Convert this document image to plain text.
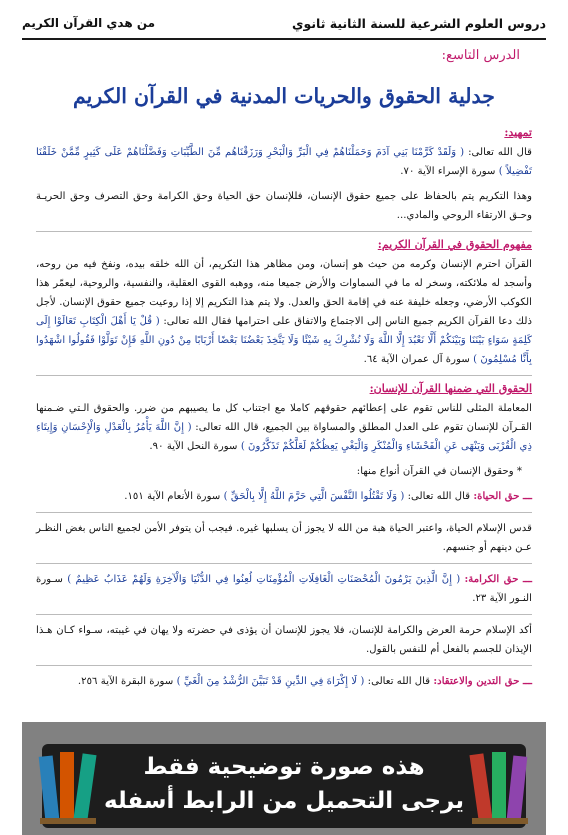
دروس العلوم الشرعية للسنة الثانية ثانوي
من هدي القرآن الكريم
الدرس التاسع:
جدلية الحقوق والحريات المدنية في القرآن الكريم
تمهيد:

قال الله تعالى: ( وَلَقَدْ كَرَّمْنَا بَنِي آدَمَ وَحَمَلْنَاهُمْ فِي الْبَرِّ وَالْبَحْرِ وَرَزَقْنَاهُم مِّنَ الطَّيِّبَاتِ وَفَضَّلْنَاهُمْ عَلَى كَثِيرٍ مِّمَّنْ خَلَقْنَا تَفْضِيلاً ) سورة الإسراء الآية ٧٠.

وهذا التكريم يتم بالحفاظ على جميع حقوق الإنسان، فللإنسان حق الحياة وحق الكرامة وحق التصرف وحق الحريـة وحـق الارتقاء الروحي والمادي...

مفهوم الحقوق في القرآن الكريم:

القرآن احترم الإنسان وكرمه من حيث هو إنسان، ومن مظاهر هذا التكريم، أن الله خلقه بيده، ونفخ فيه من روحه، وأسجد له ملائكته، وسخر له ما في السماوات والأرض جميعا منه، ووهبه القوى العقلية، والنفسية، والروحية، ليعمّر هذا الكوكب الأرضي، وجعله خليفة عنه في إقامة الحق والعدل. ولا يتم هذا التكريم إلا إذا روعيت جميع حقوق الإنسان. لأجل ذلك دعا القرآن الكريم جميع الناس إلى الاجتماع والاتفاق على احترامها فقال الله تعالى: ( قُلْ يَا أَهْلَ الْكِتَابِ تَعَالَوْا إِلَى كَلِمَةٍ سَوَاءٍ بَيْنَنَا وَبَيْنَكُمْ أَلَّا نَعْبُدَ إِلَّا اللَّهَ وَلَا نُشْرِكَ بِهِ شَيْئًا وَلَا يَتَّخِذَ بَعْضُنَا بَعْضًا أَرْبَابًا مِنْ دُونِ اللَّهِ فَإِنْ تَوَلَّوْا فَقُولُوا اشْهَدُوا بِأَنَّا مُسْلِمُونَ ) سورة آل عمران الآية ٦٤.

الحقوق التي ضمنها القرآن للإنسان:

المعاملة المثلى للناس تقوم على إعطائهم حقوقهم كاملا مع اجتناب كل ما يصيبهم من ضرر. والحقوق الـتي ضـمنها القـرآن للإنسان تقوم على العدل المطلق والمساواة بين الجميع، قال الله تعالى: ( إِنَّ اللَّهَ يَأْمُرُ بِالْعَدْلِ وَالْإِحْسَانِ وَإِيتَاءِ ذِي الْقُرْبَى وَيَنْهَى عَنِ الْفَحْشَاءِ وَالْمُنْكَرِ وَالْبَغْيِ يَعِظُكُمْ لَعَلَّكُمْ تَذَكَّرُونَ ) سورة النحل الآية ٩٠.

* وحقوق الإنسان في القرآن أنواع منها:

ـــ حق الحياة: قال الله تعالى: ( وَلَا تَقْتُلُوا النَّفْسَ الَّتِي حَرَّمَ اللَّهُ إِلَّا بِالْحَقِّ ) سورة الأنعام الآية ١٥١.

قدس الإسلام الحياة، واعتبر الحياة هبة من الله لا يجوز أن يسلبها غيره. فيجب أن يتوفر الأمن لجميع الناس بغض النظـر عـن دينهم أو جنسهم.

ـــ حق الكرامة: ( إِنَّ الَّذِينَ يَرْمُونَ الْمُحْصَنَاتِ الْغَافِلَاتِ الْمُؤْمِنَاتِ لُعِنُوا فِي الدُّنْيَا وَالْآخِرَةِ وَلَهُمْ عَذَابٌ عَظِيمٌ ) سـورة النـور الآية ٢٣.

أكد الإسلام حرمة العرض والكرامة للإنسان، فلا يجوز للإنسان أن يؤذى في حضرته ولا يهان في غيبته، سـواء كـان هـذا الإيذان للجسم بالفعل أم للنفس بالقول.

ـــ حق التدين والاعتقاد: قال الله تعالى: ( لَا إِكْرَاهَ فِي الدِّينِ قَدْ تَبَيَّنَ الرُّشْدُ مِنَ الْغَيِّ ) سورة البقرة الآية ٢٥٦.

هذه صورة توضيحية فقط
يرجى التحميل من الرابط أسفله
